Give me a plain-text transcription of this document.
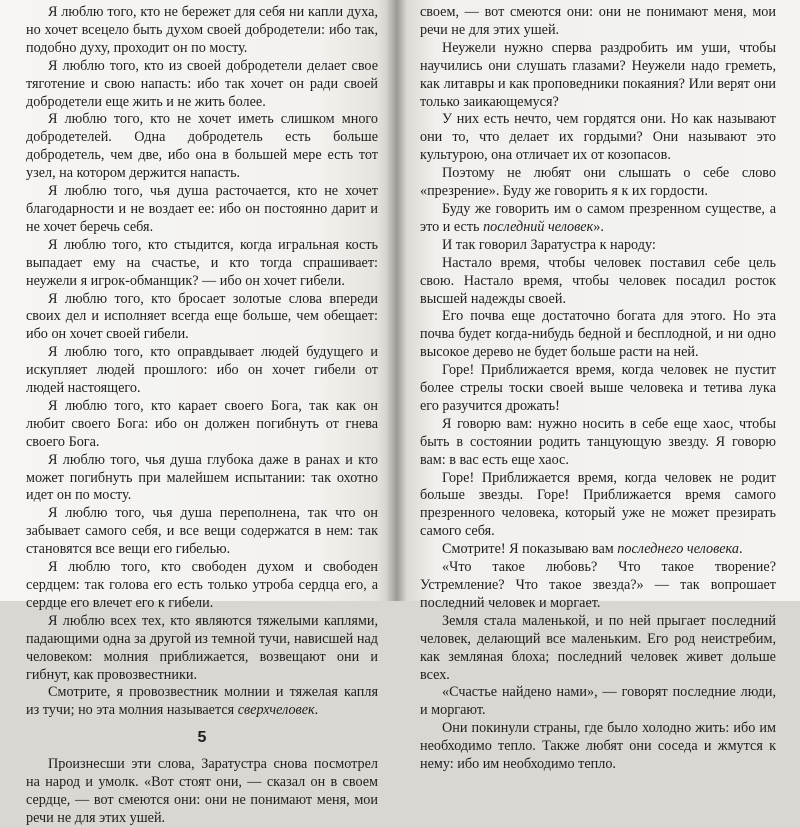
Я люблю того, кто не бережет для себя ни капли духа, но хочет всецело быть духом своей добродетели: ибо так, подобно духу, проходит он по мосту.

Я люблю того, кто из своей добродетели делает свое тяготение и свою напасть: ибо так хочет он ради своей добродетели еще жить и не жить более.

Я люблю того, кто не хочет иметь слишком много добродетелей. Одна добродетель есть больше добродетель, чем две, ибо она в большей мере есть тот узел, на котором держится напасть.

Я люблю того, чья душа расточается, кто не хочет благодарности и не воздает ее: ибо он постоянно дарит и не хочет беречь себя.

Я люблю того, кто стыдится, когда игральная кость выпадает ему на счастье, и кто тогда спрашивает: неужели я игрок-обманщик? — ибо он хочет гибели.

Я люблю того, кто бросает золотые слова впереди своих дел и исполняет всегда еще больше, чем обещает: ибо он хочет своей гибели.

Я люблю того, кто оправдывает людей будущего и искупляет людей прошлого: ибо он хочет гибели от людей настоящего.

Я люблю того, кто карает своего Бога, так как он любит своего Бога: ибо он должен погибнуть от гнева своего Бога.

Я люблю того, чья душа глубока даже в ранах и кто может погибнуть при малейшем испытании: так охотно идет он по мосту.

Я люблю того, чья душа переполнена, так что он забывает самого себя, и все вещи содержатся в нем: так становятся все вещи его гибелью.

Я люблю того, кто свободен духом и свободен сердцем: так голова его есть только утроба сердца его, а сердце его влечет его к гибели.

Я люблю всех тех, кто являются тяжелыми каплями, падающими одна за другой из темной тучи, нависшей над человеком: молния приближается, возвещают они и гибнут, как провозвестники.

Смотрите, я провозвестник молнии и тяжелая капля из тучи; но эта молния называется сверхчеловек.

5

Произнесши эти слова, Заратустра снова посмотрел на народ и умолк. «Вот стоят они, — сказал он в своем сердце, — вот смеются они: они не понимают меня, мои речи не для этих ушей.

своем, — вот смеются они: они не понимают меня, мои речи не для этих ушей.

Неужели нужно сперва раздробить им уши, чтобы научились они слушать глазами? Неужели надо греметь, как литавры и как проповедники покаяния? Или верят они только заикающемуся?

У них есть нечто, чем гордятся они. Но как называют они то, что делает их гордыми? Они называют это культурою, она отличает их от козопасов.

Поэтому не любят они слышать о себе слово «презрение». Буду же говорить я к их гордости.

Буду же говорить им о самом презренном существе, а это и есть последний человек».

И так говорил Заратустра к народу:

Настало время, чтобы человек поставил себе цель свою. Настало время, чтобы человек посадил росток высшей надежды своей.

Его почва еще достаточно богата для этого. Но эта почва будет когда-нибудь бедной и бесплодной, и ни одно высокое дерево не будет больше расти на ней.

Горе! Приближается время, когда человек не пустит более стрелы тоски своей выше человека и тетива лука его разучится дрожать!

Я говорю вам: нужно носить в себе еще хаос, чтобы быть в состоянии родить танцующую звезду. Я говорю вам: в вас есть еще хаос.

Горе! Приближается время, когда человек не родит больше звезды. Горе! Приближается время самого презренного человека, который уже не может презирать самого себя.

Смотрите! Я показываю вам последнего человека.

«Что такое любовь? Что такое творение? Устремление? Что такое звезда?» — так вопрошает последний человек и моргает.

Земля стала маленькой, и по ней прыгает последний человек, делающий все маленьким. Его род неистребим, как земляная блоха; последний человек живет дольше всех.

«Счастье найдено нами», — говорят последние люди, и моргают.

Они покинули страны, где было холодно жить: ибо им необходимо тепло. Также любят они соседа и жмутся к нему: ибо им необходимо тепло.
